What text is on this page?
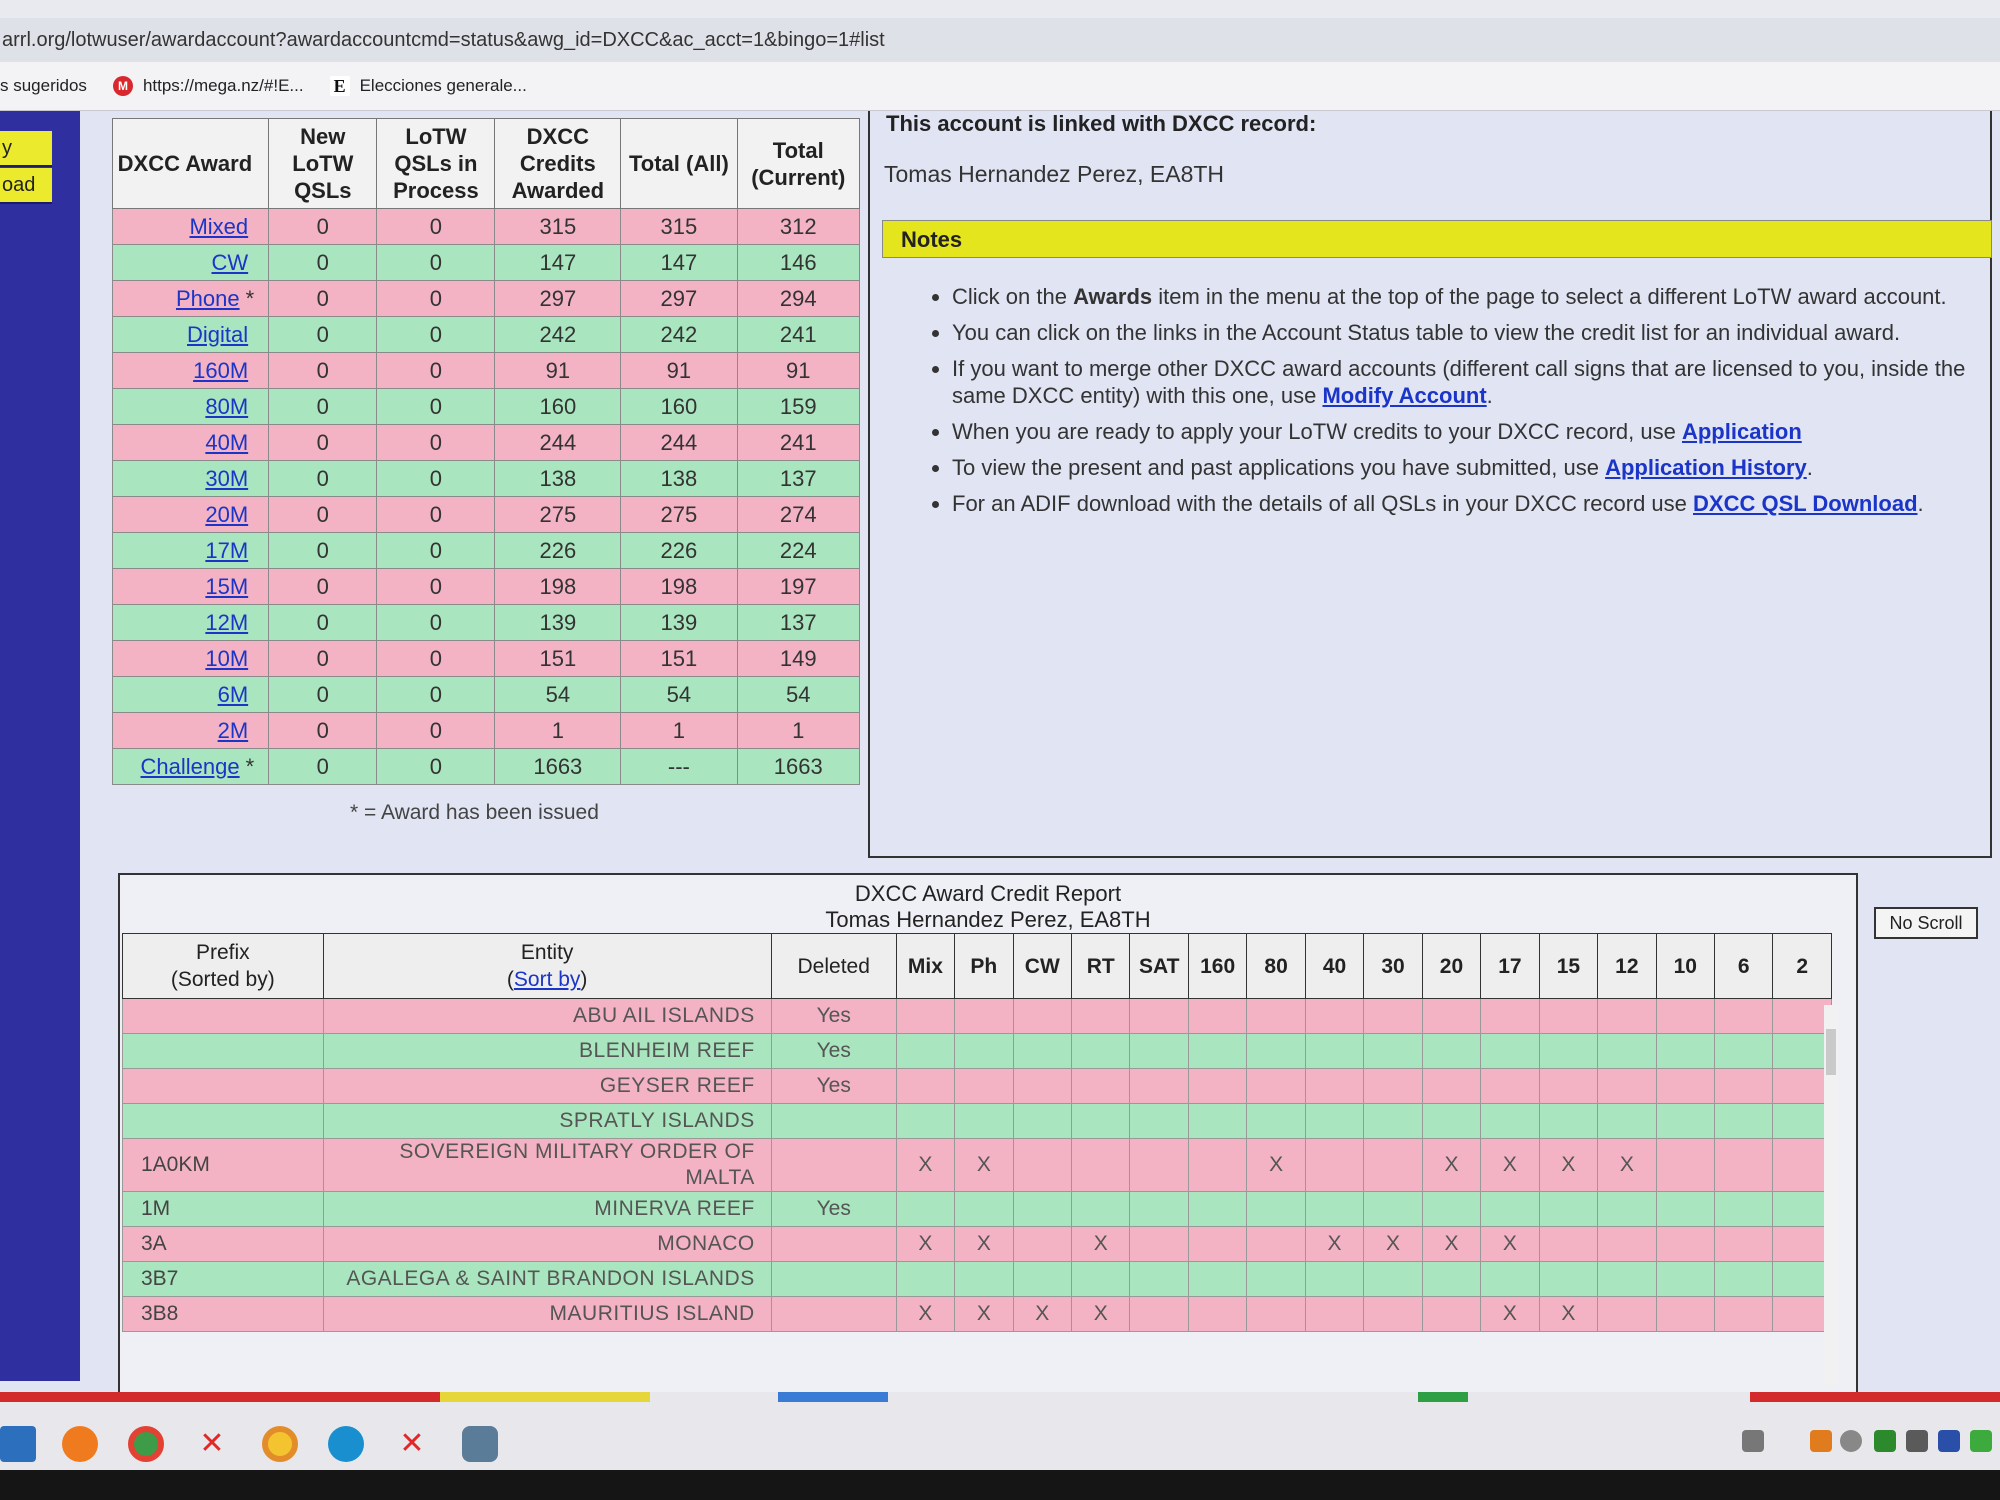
arrl.org/lotwuser/awardaccount?awardaccountcmd=status&awg_id=DXCC&ac_acct=1&bingo=1#list
s sugeridos	M https://mega.nz/#!E... E Elecciones generale...
y
oad
DXCC Award	New LoTW QSLs	LoTW QSLs in Process	DXCC Credits Awarded	Total (All)	Total (Current)
Mixed	0	0	315	315	312
CW	0	0	147	147	146
Phone *	0	0	297	297	294
Digital	0	0	242	242	241
160M	0	0	91	91	91
80M	0	0	160	160	159
40M	0	0	244	244	241
30M	0	0	138	138	137
20M	0	0	275	275	274
17M	0	0	226	226	224
15M	0	0	198	198	197
12M	0	0	139	139	137
10M	0	0	151	151	149
6M	0	0	54	54	54
2M	0	0	1	1	1
Challenge *	0	0	1663	---	1663
* = Award has been issued
This account is linked with DXCC record:
Tomas Hernandez Perez, EA8TH
Notes
• Click on the Awards item in the menu at the top of the page to select a different LoTW award account.
• You can click on the links in the Account Status table to view the credit list for an individual award.
• If you want to merge other DXCC award accounts (different call signs that are licensed to you, inside the same DXCC entity) with this one, use Modify Account.
• When you are ready to apply your LoTW credits to your DXCC record, use Application
• To view the present and past applications you have submitted, use Application History.
• For an ADIF download with the details of all QSLs in your DXCC record use DXCC QSL Download.
No Scroll
DXCC Award Credit Report
Tomas Hernandez Perez, EA8TH
Prefix
(Sorted by)	Entity
(Sort by)	Deleted	Mix	Ph	CW	RT	SAT	160	80	40	30	20	17	15	12	10	6	2
	ABU AIL ISLANDS	Yes																
	BLENHEIM REEF	Yes																
	GEYSER REEF	Yes																
	SPRATLY ISLANDS																	
1A0KM	SOVEREIGN MILITARY ORDER OF MALTA		X	X					X			X	X	X	X			
1M	MINERVA REEF	Yes																
3A	MONACO		X	X		X				X	X	X	X					
3B7	AGALEGA & SAINT BRANDON ISLANDS																	
3B8	MAURITIUS ISLAND		X	X	X	X							X	X				
✕	✕
